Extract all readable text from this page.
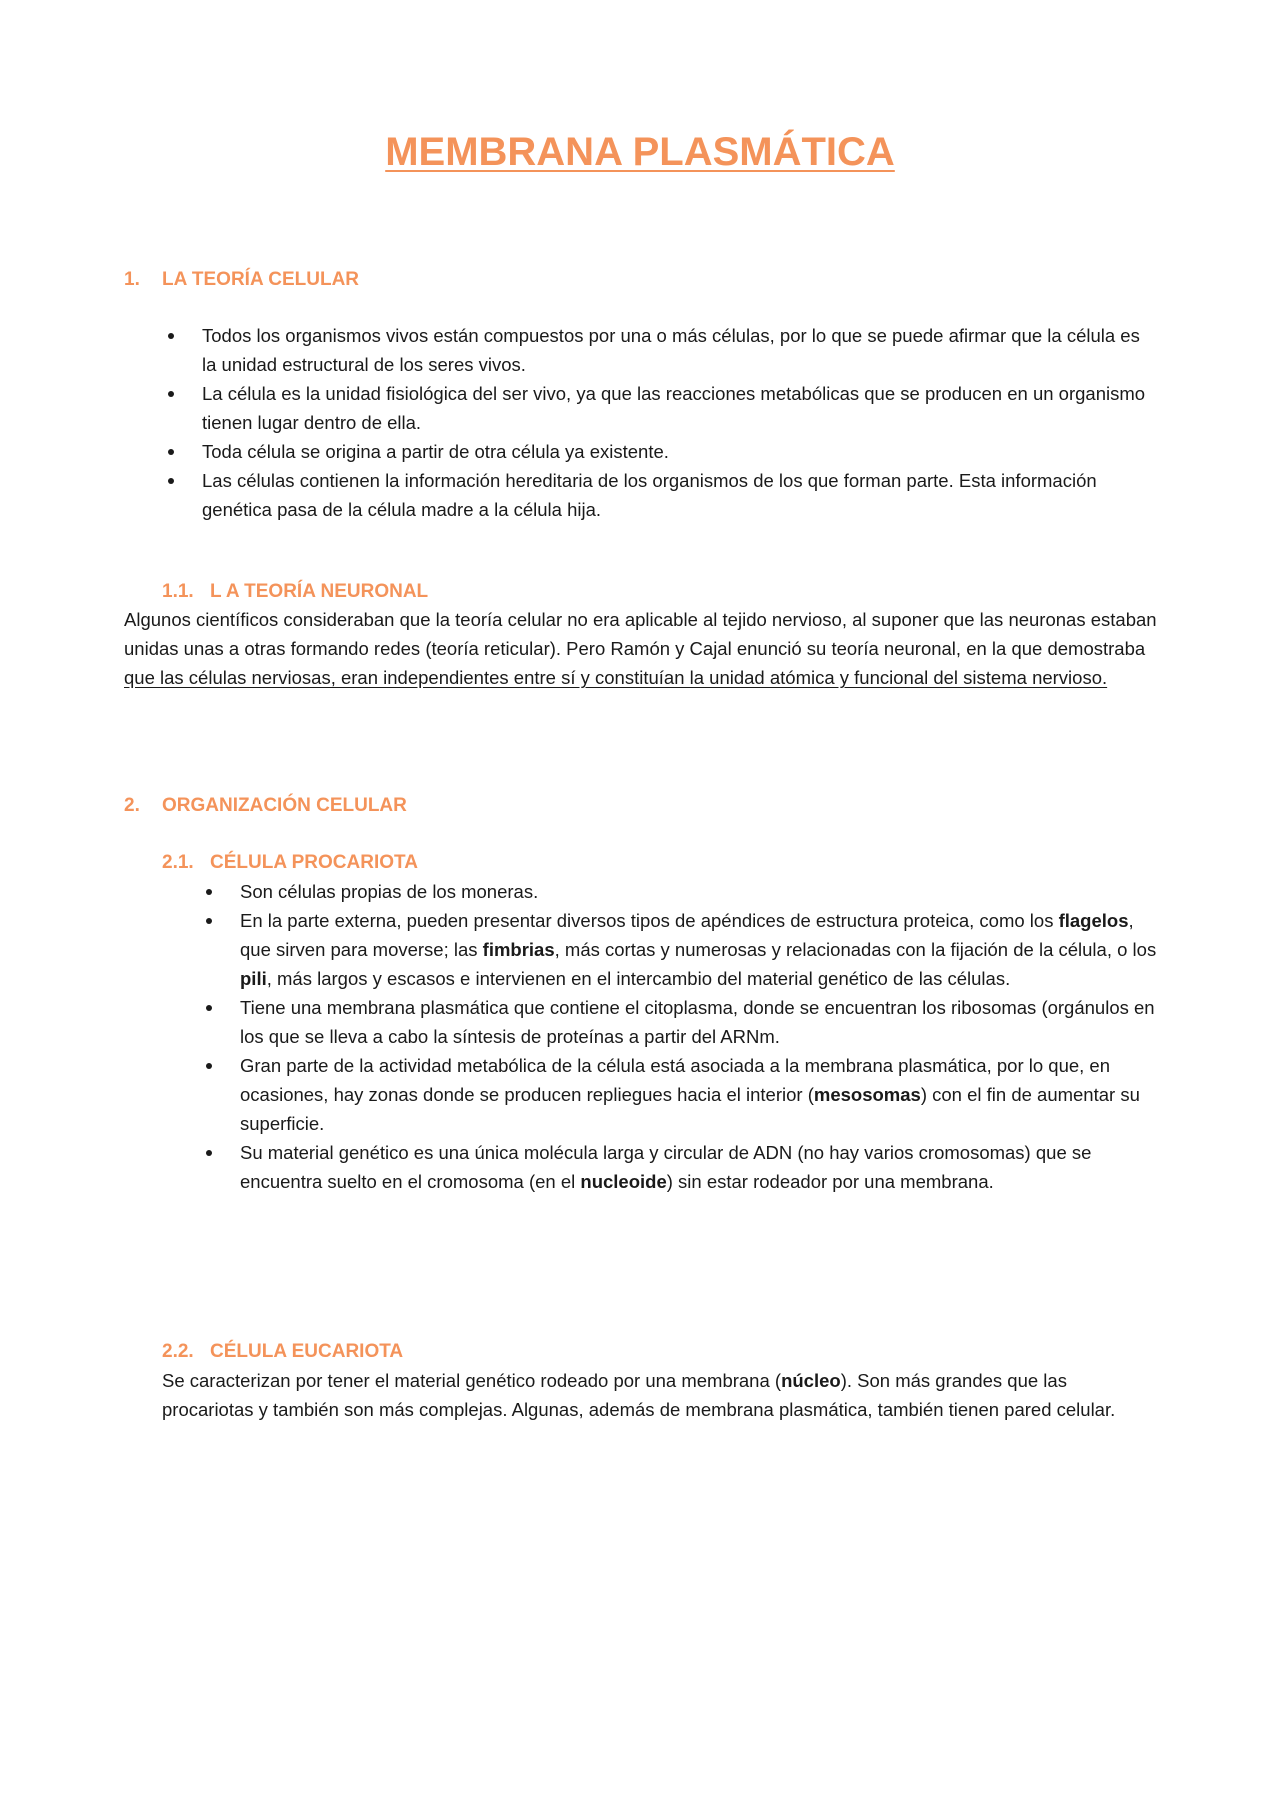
MEMBRANA PLASMÁTICA
1. LA TEORÍA CELULAR
Todos los organismos vivos están compuestos por una o más células, por lo que se puede afirmar que la célula es la unidad estructural de los seres vivos.
La célula es la unidad fisiológica del ser vivo, ya que las reacciones metabólicas que se producen en un organismo tienen lugar dentro de ella.
Toda célula se origina a partir de otra célula ya existente.
Las células contienen la información hereditaria de los organismos de los que forman parte. Esta información genética pasa de la célula madre a la célula hija.
1.1. L A TEORÍA NEURONAL

Algunos científicos consideraban que la teoría celular no era aplicable al tejido nervioso, al suponer que las neuronas estaban unidas unas a otras formando redes (teoría reticular). Pero Ramón y Cajal enunció su teoría neuronal, en la que demostraba que las células nerviosas, eran independientes entre sí y constituían la unidad atómica y funcional del sistema nervioso.

2. ORGANIZACIÓN CELULAR
2.1. CÉLULA PROCARIOTA
Son células propias de los moneras.
En la parte externa, pueden presentar diversos tipos de apéndices de estructura proteica, como los flagelos, que sirven para moverse; las fimbrias, más cortas y numerosas y relacionadas con la fijación de la célula, o los pili, más largos y escasos e intervienen en el intercambio del material genético de las células.
Tiene una membrana plasmática que contiene el citoplasma, donde se encuentran los ribosomas (orgánulos en los que se lleva a cabo la síntesis de proteínas a partir del ARNm.
Gran parte de la actividad metabólica de la célula está asociada a la membrana plasmática, por lo que, en ocasiones, hay zonas donde se producen repliegues hacia el interior (mesosomas) con el fin de aumentar su superficie.
Su material genético es una única molécula larga y circular de ADN (no hay varios cromosomas) que se encuentra suelto en el cromosoma (en el nucleoide) sin estar rodeador por una membrana.
2.2. CÉLULA EUCARIOTA

Se caracterizan por tener el material genético rodeado por una membrana (núcleo). Son más grandes que las procariotas y también son más complejas. Algunas, además de membrana plasmática, también tienen pared celular.
